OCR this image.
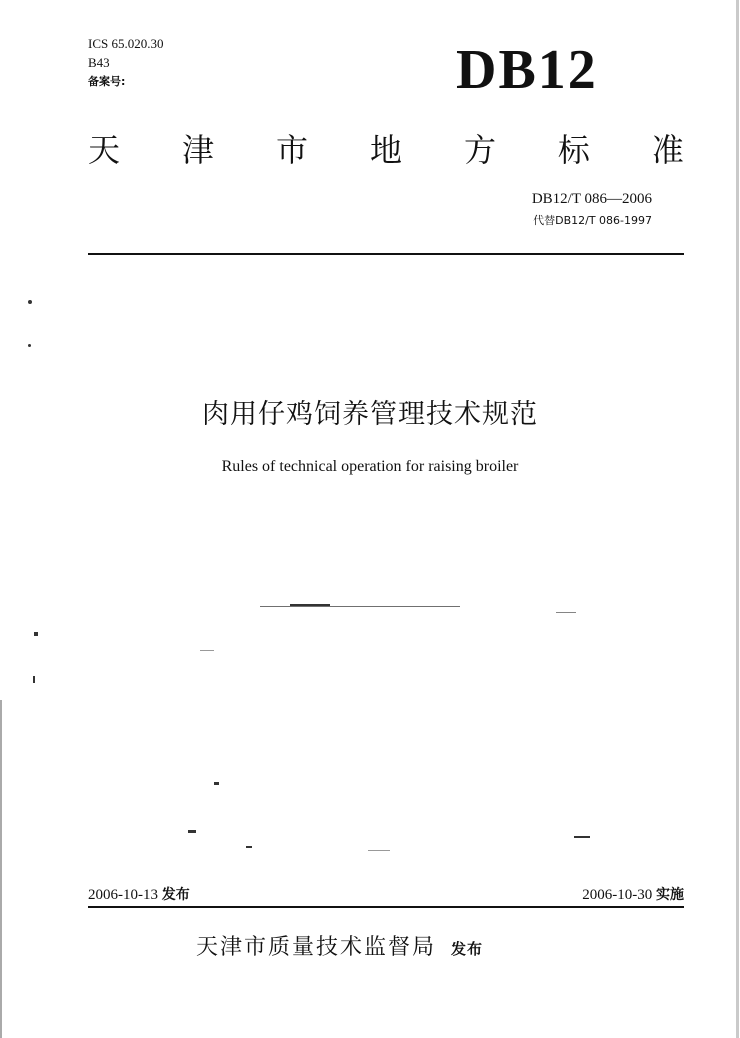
ICS 65.020.30
B43
备案号:	DB12
天 津 市 地 方 标 准
DB12/T 086—2006
代替DB12/T 086-1997
肉用仔鸡饲养管理技术规范
Rules of technical operation for raising broiler
2006-10-13 发布	2006-10-30 实施
天津市质量技术监督局 发布
